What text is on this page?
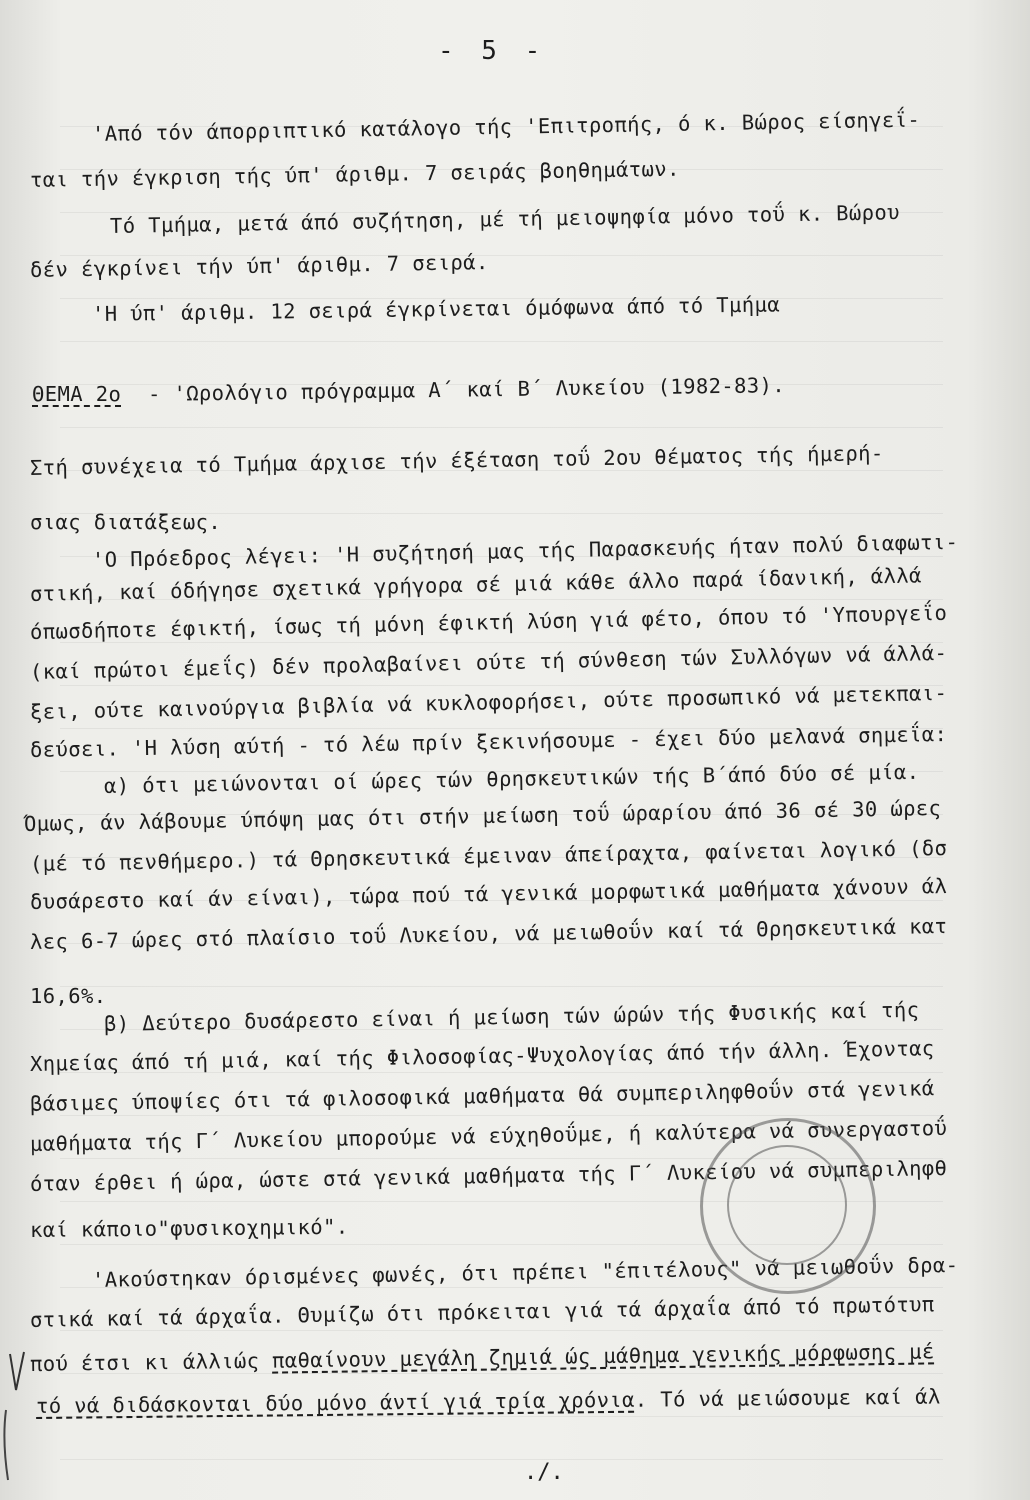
- 5 -
'Από τόν άπορριπτικό κατάλογο τής 'Επιτροπής, ό κ. Βώρος είσηγεΐ-
ται τήν έγκριση τής ύπ' άριθμ. 7 σειράς βοηθημάτων.
Τό Τμήμα, μετά άπό συζήτηση, μέ τή μειοψηφία μόνο τοΰ κ. Βώρου
δέν έγκρίνει τήν ύπ' άριθμ. 7 σειρά.
'Η ύπ' άριθμ. 12 σειρά έγκρίνεται όμόφωνα άπό τό Τμήμα
ΘΕΜΑ 2ο - 'Ωρολόγιο πρόγραμμα Α΄ καί Β΄ Λυκείου (1982-83).
Στή συνέχεια τό Τμήμα άρχισε τήν έξέταση τοΰ 2ου θέματος τής ήμερή-
σιας διατάξεως.
'Ο Πρόεδρος λέγει: 'Η συζήτησή μας τής Παρασκευής ήταν πολύ διαφωτι-
στική, καί όδήγησε σχετικά γρήγορα σέ μιά κάθε άλλο παρά ίδανική, άλλά
όπωσδήποτε έφικτή, ίσως τή μόνη έφικτή λύση γιά φέτο, όπου τό 'Υπουργεΐο
(καί πρώτοι έμεΐς) δέν προλαβαίνει ούτε τή σύνθεση τών Συλλόγων νά άλλά-
ξει, ούτε καινούργια βιβλία νά κυκλοφορήσει, ούτε προσωπικό νά μετεκπαι-
δεύσει. 'Η λύση αύτή - τό λέω πρίν ξεκινήσουμε - έχει δύο μελανά σημεΐα:
α) ότι μειώνονται οί ώρες τών θρησκευτικών τής Β΄άπό δύο σέ μία.
Όμως, άν λάβουμε ύπόψη μας ότι στήν μείωση τοΰ ώραρίου άπό 36 σέ 30 ώρες
(μέ τό πενθήμερο.) τά Θρησκευτικά έμειναν άπείραχτα, φαίνεται λογικό (δσ
δυσάρεστο καί άν είναι), τώρα πού τά γενικά μορφωτικά μαθήματα χάνουν άλ
λες 6-7 ώρες στό πλαίσιο τοΰ Λυκείου, νά μειωθοΰν καί τά Θρησκευτικά κατ
16,6%.
β) Δεύτερο δυσάρεστο είναι ή μείωση τών ώρών τής Φυσικής καί τής
Χημείας άπό τή μιά, καί τής Φιλοσοφίας-Ψυχολογίας άπό τήν άλλη. Έχοντας
βάσιμες ύποψίες ότι τά φιλοσοφικά μαθήματα θά συμπεριληφθοΰν στά γενικά
μαθήματα τής Γ΄ Λυκείου μπορούμε νά εύχηθοΰμε, ή καλύτερα νά συνεργαστοΰ
όταν έρθει ή ώρα, ώστε στά γενικά μαθήματα τής Γ΄ Λυκείου νά συμπεριληφθ
καί κάποιο"φυσικοχημικό".
'Ακούστηκαν όρισμένες φωνές, ότι πρέπει "έπιτέλους" νά μειωθοΰν δρα-
στικά καί τά άρχαΐα. Θυμίζω ότι πρόκειται γιά τά άρχαΐα άπό τό πρωτότυπ
πού έτσι κι άλλιώς παθαίνουν μεγάλη ζημιά ώς μάθημα γενικής μόρφωσης μέ
τό νά διδάσκονται δύο μόνο άντί γιά τρία χρόνια. Τό νά μειώσουμε καί άλ
./.
